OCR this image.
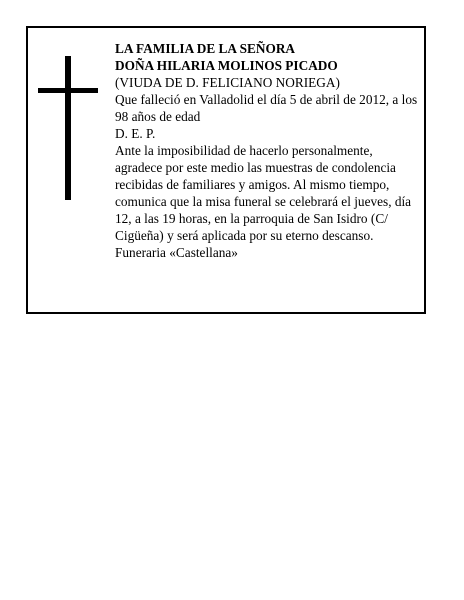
LA FAMILIA DE LA SEÑORA
DOÑA HILARIA MOLINOS PICADO
(VIUDA DE D. FELICIANO NORIEGA)
Que falleció en Valladolid el día 5 de abril de 2012, a los 98 años de edad
D. E. P.
Ante la imposibilidad de hacerlo personalmente, agradece por este medio las muestras de condolencia recibidas de familiares y amigos. Al mismo tiempo, comunica que la misa funeral se celebrará el jueves, día 12, a las 19 horas, en la parroquia de San Isidro (C/ Cigüeña) y será aplicada por su eterno descanso.
Funeraria «Castellana»
